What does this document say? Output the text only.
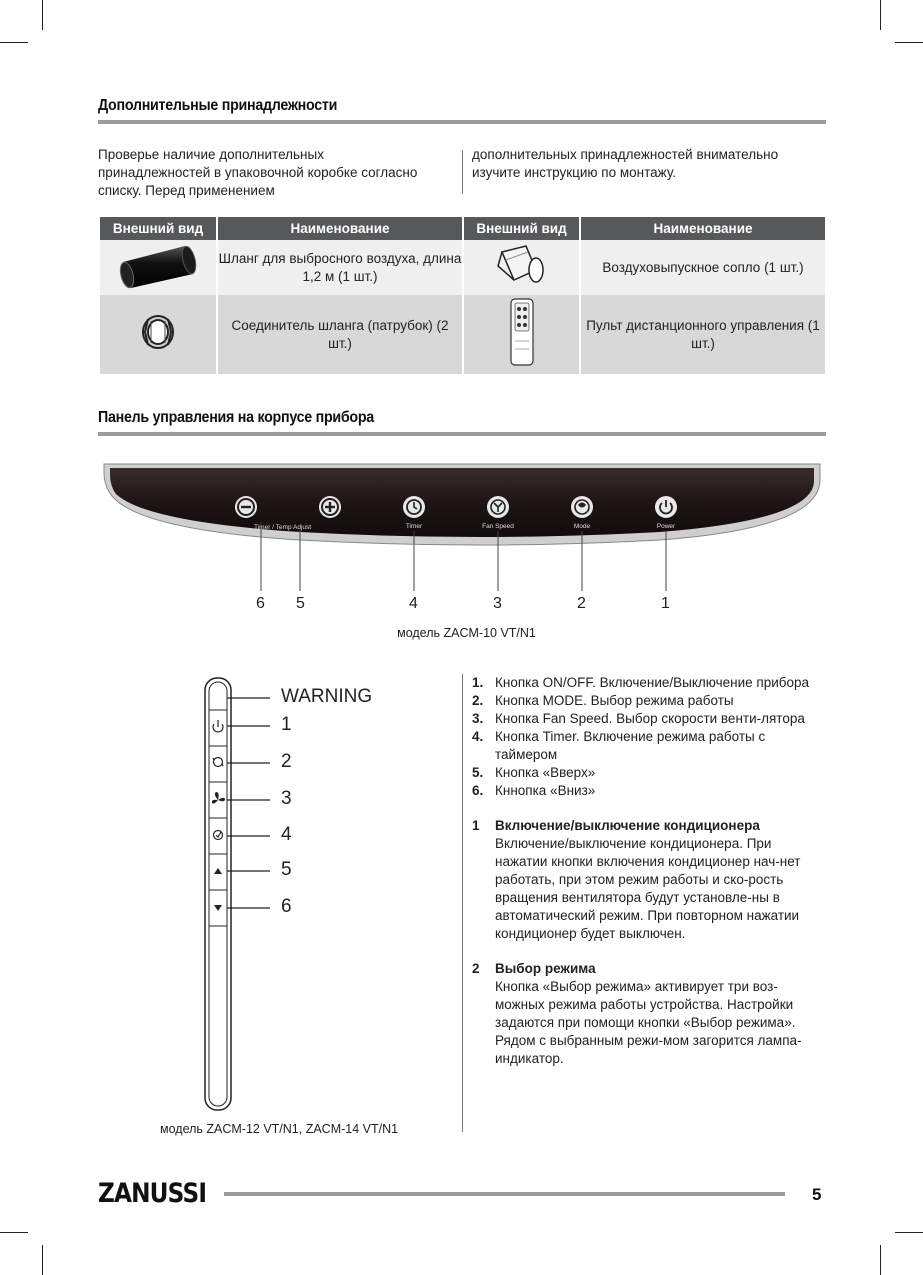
Дополнительные принадлежности
Проверье наличие дополнительных принадлежностей в упаковочной коробке согласно списку. Перед применением
дополнительных принадлежностей внимательно изучите инструкцию по монтажу.
Внешний вид	Наименование	Внешний вид	Наименование
	Шланг для выбросного воздуха, длина 1,2 м (1 шт.)		Воздуховыпускное сопло (1 шт.)
	Соединитель шланга (патрубок) (2 шт.)		Пульт дистанционного управления (1 шт.)
Панель управления на корпусе прибора
Timer / Temp Adjust	Timer	Fan Speed	Mode	Power
6 5	4	3	2	1
модель ZACM-10 VT/N1
WARNING
1
2
3
4
5
6
модель ZACM-12 VT/N1, ZACM-14 VT/N1
1. Кнопка ON/OFF. Включение/Выключение прибора
2. Кнопка MODE. Выбор режима работы
3. Кнопка Fan Speed. Выбор скорости венти-лятора
4. Кнопка Timer. Включение режима работы с таймером
5. Кнопка «Вверх»
6. Кннопка «Вниз»
1	Включение/выключение кондиционера
Включение/выключение кондиционера. При нажатии кнопки включения кондиционер нач-нет работать, при этом режим работы и ско-рость вращения вентилятора будут установле-ны в автоматический режим. При повторном нажатии кондиционер будет выключен.
2	Выбор режима
Кнопка «Выбор режима» активирует три воз-можных режима работы устройства. Настройки задаются при помощи кнопки «Выбор режима». Рядом с выбранным режи-мом загорится лампа-индикатор.
ZANUSSI	5
